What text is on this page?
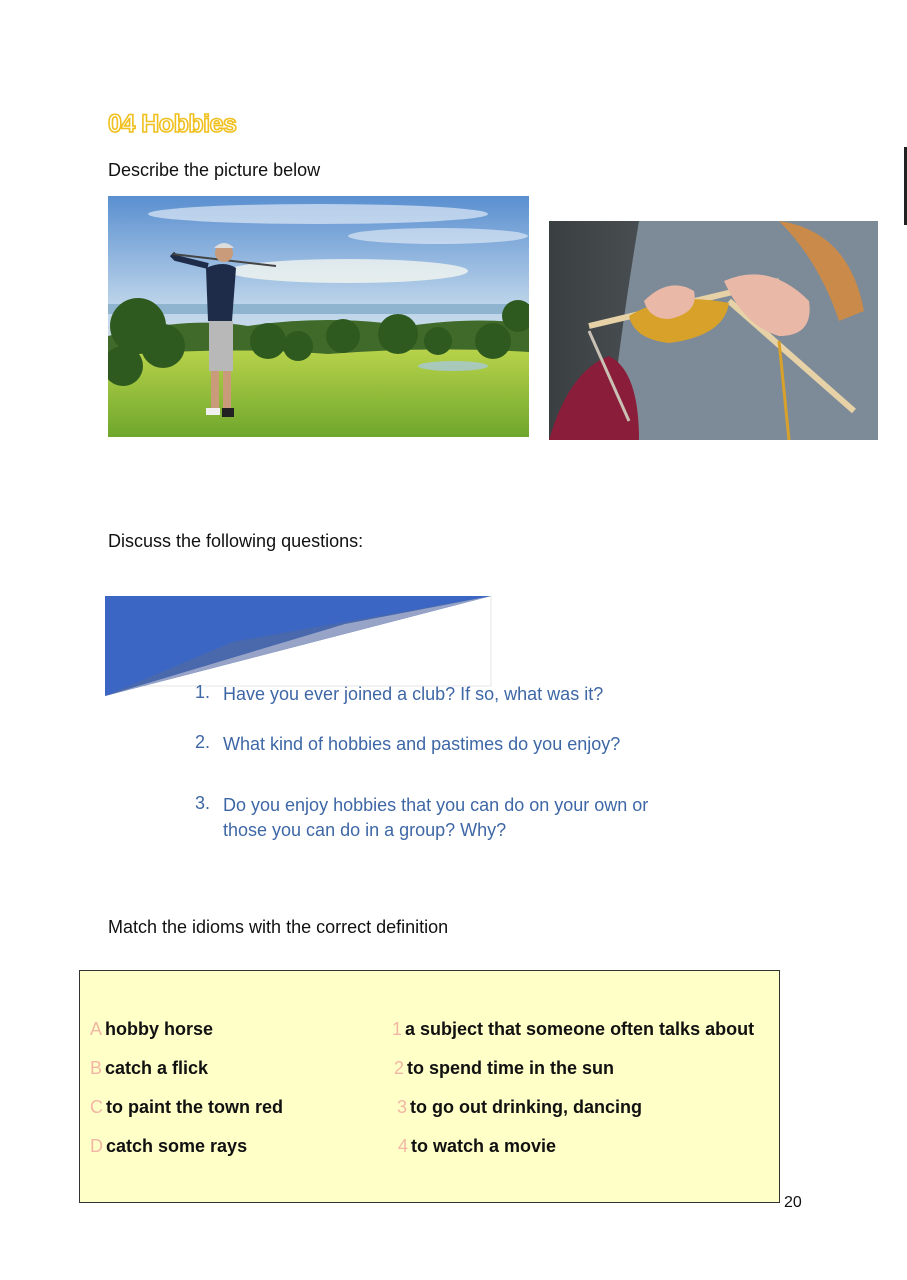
04 Hobbies
Describe the picture below
Discuss the following questions:
1. Have you ever joined a club? If so, what was it?
2. What kind of hobbies and pastimes do you enjoy?
3. Do you enjoy hobbies that you can do on your own or
those you can do in a group? Why?
Match the idioms with the correct definition
A hobby horse
B catch a flick
C to paint the town red
D catch some rays
1 a subject that someone often talks about
2 to spend time in the sun
3 to go out drinking, dancing
4 to watch a movie
20
